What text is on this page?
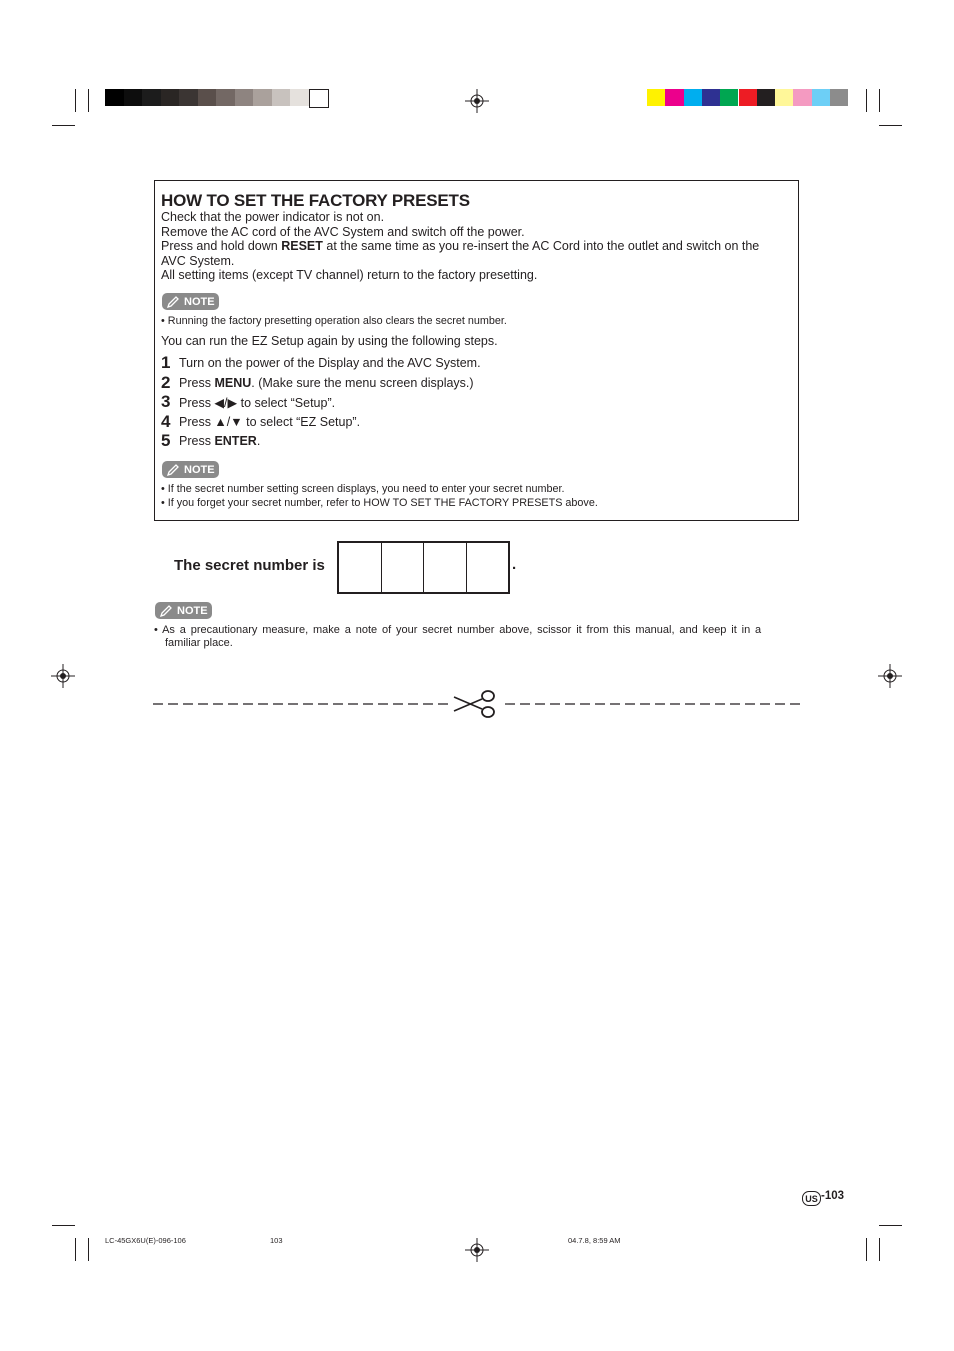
HOW TO SET THE FACTORY PRESETS
Check that the power indicator is not on.
Remove the AC cord of the AVC System and switch off the power.
Press and hold down RESET at the same time as you re-insert the AC Cord into the outlet and switch on the
AVC System.
All setting items (except TV channel) return to the factory presetting.
NOTE
• Running the factory presetting operation also clears the secret number.
You can run the EZ Setup again by using the following steps.
1 Turn on the power of the Display and the AVC System.
2 Press MENU. (Make sure the menu screen displays.)
3 Press ◀/▶ to select “Setup”.
4 Press ▲/▼ to select “EZ Setup”.
5 Press ENTER.
NOTE
• If the secret number setting screen displays, you need to enter your secret number.
• If you forget your secret number, refer to HOW TO SET THE FACTORY PRESETS above.
The secret number is	.
NOTE
• As a precautionary measure, make a note of your secret number above, scissor it from this manual, and keep it in a
familiar place.
US -103
LC-45GX6U(E)-096-106	103	04.7.8, 8:59 AM
